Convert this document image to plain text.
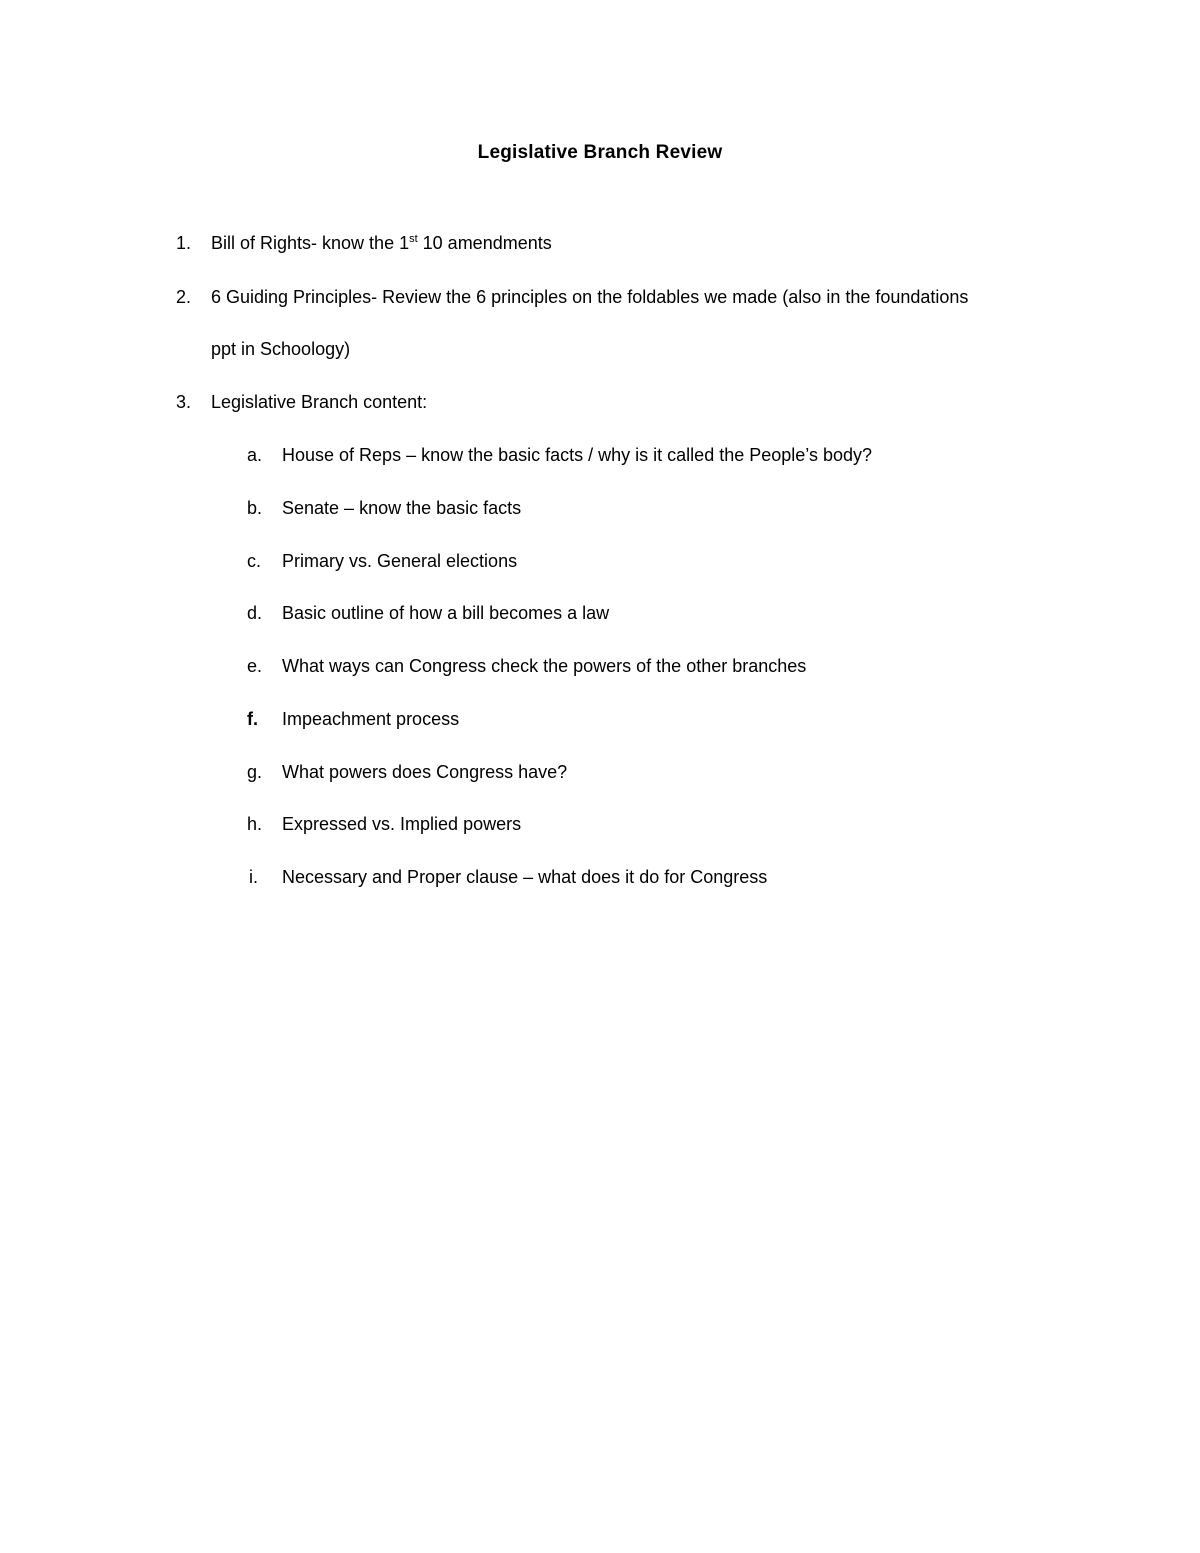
Legislative Branch Review
1. Bill of Rights- know the 1st 10 amendments
2. 6 Guiding Principles- Review the 6 principles on the foldables we made (also in the foundations
ppt in Schoology)
3. Legislative Branch content:
a. House of Reps – know the basic facts / why is it called the People’s body?
b. Senate – know the basic facts
c. Primary vs. General elections
d. Basic outline of how a bill becomes a law
e. What ways can Congress check the powers of the other branches
f. Impeachment process
g. What powers does Congress have?
h. Expressed vs. Implied powers
i. Necessary and Proper clause – what does it do for Congress
